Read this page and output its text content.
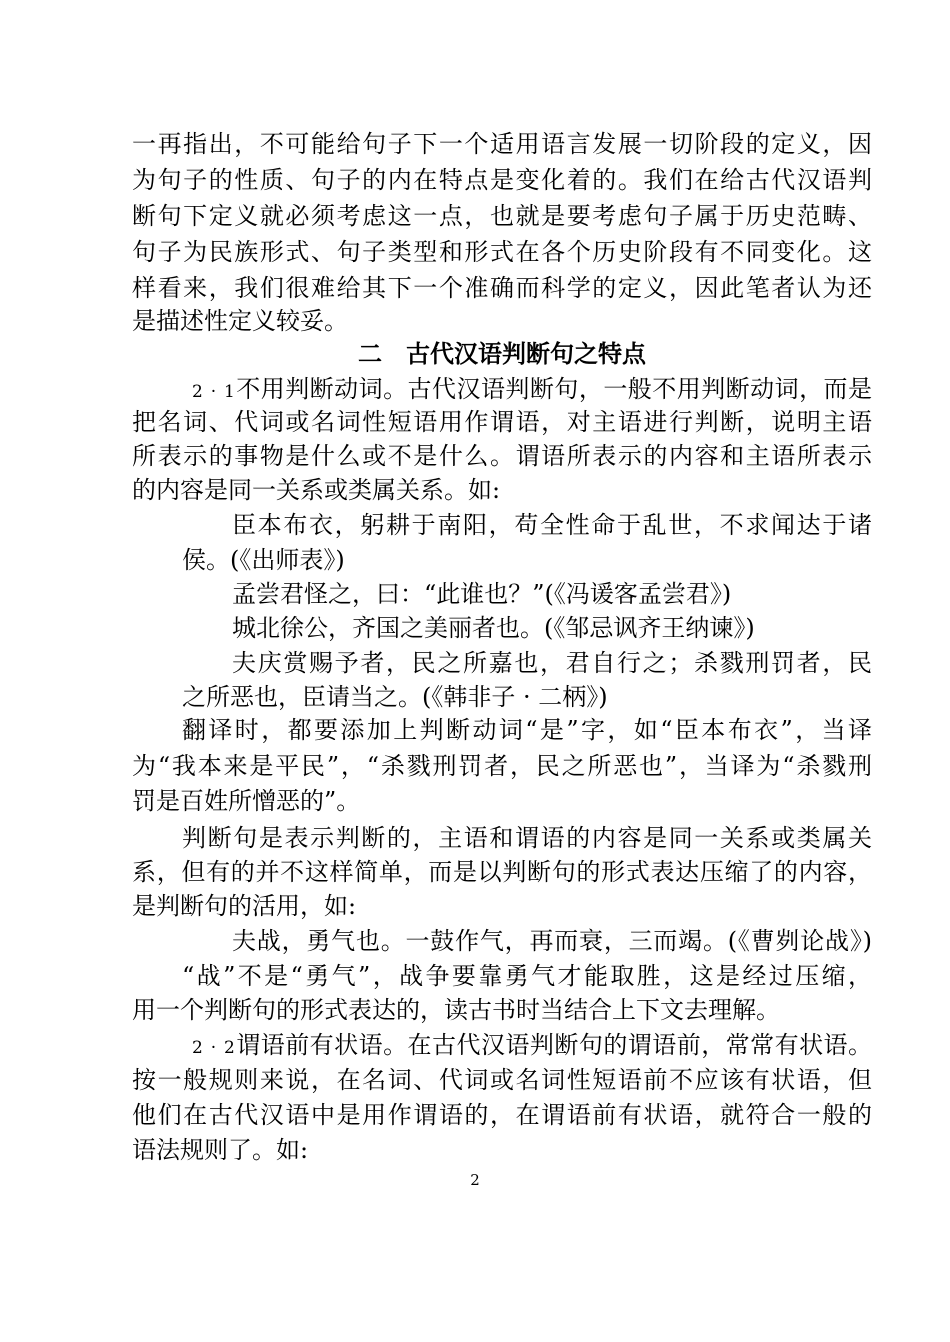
一再指出，不可能给句子下一个适用语言发展一切阶段的定义，因
为句子的性质、句子的内在特点是变化着的。我们在给古代汉语判
断句下定义就必须考虑这一点，也就是要考虑句子属于历史范畴、
句子为民族形式、句子类型和形式在各个历史阶段有不同变化。这
样看来，我们很难给其下一个准确而科学的定义，因此笔者认为还
是描述性定义较妥。
二　古代汉语判断句之特点
2 · 1不用判断动词。古代汉语判断句，一般不用判断动词，而是
把名词、代词或名词性短语用作谓语，对主语进行判断，说明主语
所表示的事物是什么或不是什么。谓语所表示的内容和主语所表示
的内容是同一关系或类属关系。如:
臣本布衣，躬耕于南阳，苟全性命于乱世，不求闻达于诸
侯。(《出师表》)
孟尝君怪之，曰：“此谁也？”(《冯谖客孟尝君》)
城北徐公，齐国之美丽者也。(《邹忌讽齐王纳谏》)
夫庆赏赐予者，民之所嘉也，君自行之；杀戮刑罚者，民
之所恶也，臣请当之。(《韩非子 · 二柄》)
翻译时，都要添加上判断动词“是”字，如“臣本布衣”，当译
为“我本来是平民”，“杀戮刑罚者，民之所恶也”，当译为“杀戮刑
罚是百姓所憎恶的”。
判断句是表示判断的，主语和谓语的内容是同一关系或类属关
系，但有的并不这样简单，而是以判断句的形式表达压缩了的内容，
是判断句的活用，如:
夫战，勇气也。一鼓作气，再而衰，三而竭。(《曹刿论战》)
“战”不是“勇气”，战争要靠勇气才能取胜，这是经过压缩，
用一个判断句的形式表达的，读古书时当结合上下文去理解。
2 · 2谓语前有状语。在古代汉语判断句的谓语前，常常有状语。
按一般规则来说，在名词、代词或名词性短语前不应该有状语，但
他们在古代汉语中是用作谓语的，在谓语前有状语，就符合一般的
语法规则了。如:
2
